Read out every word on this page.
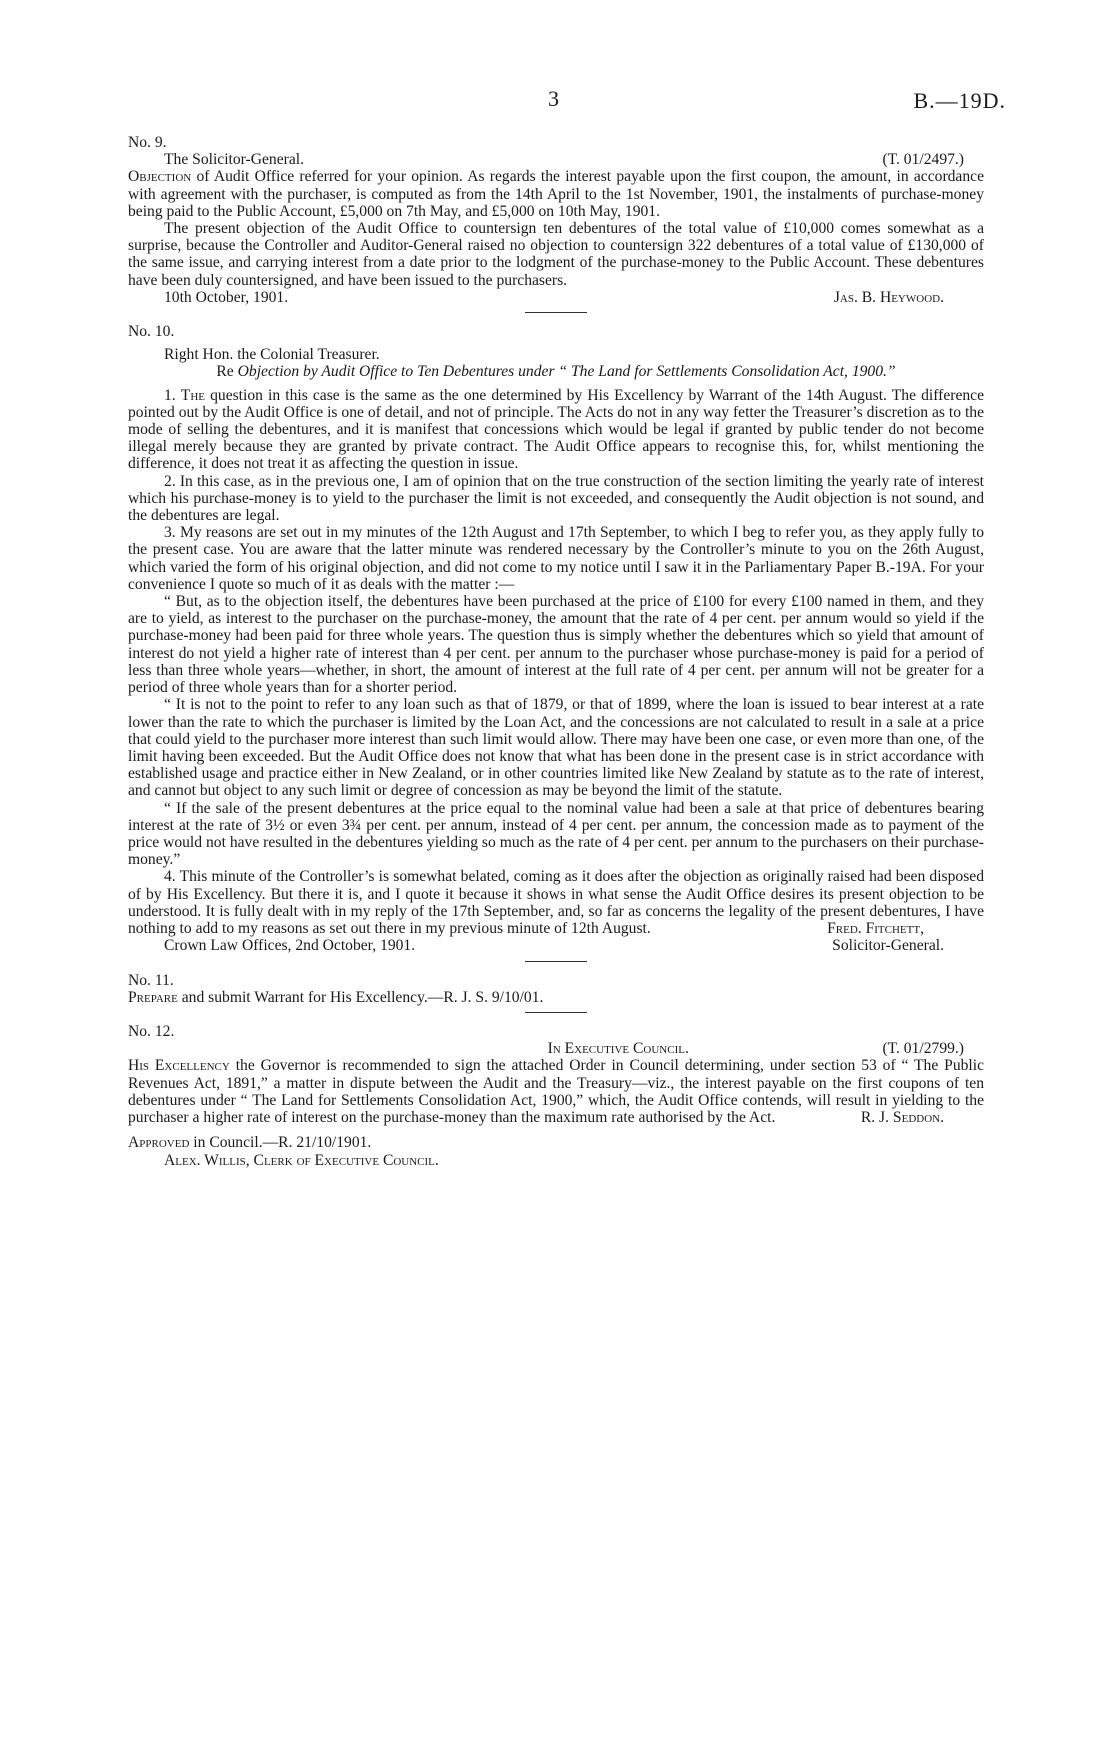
3	B.—19D.

No. 9.

The Solicitor-General.	(T. 01/2497.)

Objection of Audit Office referred for your opinion. As regards the interest payable upon the first coupon, the amount, in accordance with agreement with the purchaser, is computed as from the 14th April to the 1st November, 1901, the instalments of purchase-money being paid to the Public Account, £5,000 on 7th May, and £5,000 on 10th May, 1901.

The present objection of the Audit Office to countersign ten debentures of the total value of £10,000 comes somewhat as a surprise, because the Controller and Auditor-General raised no objection to countersign 322 debentures of a total value of £130,000 of the same issue, and carrying interest from a date prior to the lodgment of the purchase-money to the Public Account. These debentures have been duly countersigned, and have been issued to the purchasers.

10th October, 1901.	Jas. B. Heywood.

No. 10.

Right Hon. the Colonial Treasurer.

Re Objection by Audit Office to Ten Debentures under “ The Land for Settlements Consolidation Act, 1900.”

1. The question in this case is the same as the one determined by His Excellency by Warrant of the 14th August. The difference pointed out by the Audit Office is one of detail, and not of principle. The Acts do not in any way fetter the Treasurer’s discretion as to the mode of selling the debentures, and it is manifest that concessions which would be legal if granted by public tender do not become illegal merely because they are granted by private contract. The Audit Office appears to recognise this, for, whilst mentioning the difference, it does not treat it as affecting the question in issue.

2. In this case, as in the previous one, I am of opinion that on the true construction of the section limiting the yearly rate of interest which his purchase-money is to yield to the purchaser the limit is not exceeded, and consequently the Audit objection is not sound, and the debentures are legal.

3. My reasons are set out in my minutes of the 12th August and 17th September, to which I beg to refer you, as they apply fully to the present case. You are aware that the latter minute was rendered necessary by the Controller’s minute to you on the 26th August, which varied the form of his original objection, and did not come to my notice until I saw it in the Parliamentary Paper B.-19A. For your convenience I quote so much of it as deals with the matter :—

“ But, as to the objection itself, the debentures have been purchased at the price of £100 for every £100 named in them, and they are to yield, as interest to the purchaser on the purchase-money, the amount that the rate of 4 per cent. per annum would so yield if the purchase-money had been paid for three whole years. The question thus is simply whether the debentures which so yield that amount of interest do not yield a higher rate of interest than 4 per cent. per annum to the purchaser whose purchase-money is paid for a period of less than three whole years—whether, in short, the amount of interest at the full rate of 4 per cent. per annum will not be greater for a period of three whole years than for a shorter period.

“ It is not to the point to refer to any loan such as that of 1879, or that of 1899, where the loan is issued to bear interest at a rate lower than the rate to which the purchaser is limited by the Loan Act, and the concessions are not calculated to result in a sale at a price that could yield to the purchaser more interest than such limit would allow. There may have been one case, or even more than one, of the limit having been exceeded. But the Audit Office does not know that what has been done in the present case is in strict accordance with established usage and practice either in New Zealand, or in other countries limited like New Zealand by statute as to the rate of interest, and cannot but object to any such limit or degree of concession as may be beyond the limit of the statute.

“ If the sale of the present debentures at the price equal to the nominal value had been a sale at that price of debentures bearing interest at the rate of 3½ or even 3¾ per cent. per annum, instead of 4 per cent. per annum, the concession made as to payment of the price would not have resulted in the debentures yielding so much as the rate of 4 per cent. per annum to the purchasers on their purchase-money.”

4. This minute of the Controller’s is somewhat belated, coming as it does after the objection as originally raised had been disposed of by His Excellency. But there it is, and I quote it because it shows in what sense the Audit Office desires its present objection to be understood. It is fully dealt with in my reply of the 17th September, and, so far as concerns the legality of the present debentures, I have nothing to add to my reasons as set out there in my previous minute of 12th August.	Fred. Fitchett,
Crown Law Offices, 2nd October, 1901.	Solicitor-General.

No. 11.

Prepare and submit Warrant for His Excellency.—R. J. S. 9/10/01.

No. 12.

In Executive Council.	(T. 01/2799.)

His Excellency the Governor is recommended to sign the attached Order in Council determining, under section 53 of “ The Public Revenues Act, 1891,” a matter in dispute between the Audit and the Treasury—viz., the interest payable on the first coupons of ten debentures under “ The Land for Settlements Consolidation Act, 1900,” which, the Audit Office contends, will result in yielding to the purchaser a higher rate of interest on the purchase-money than the maximum rate authorised by the Act.	R. J. Seddon.

Approved in Council.—R. 21/10/1901.

Alex. Willis, Clerk of Executive Council.
